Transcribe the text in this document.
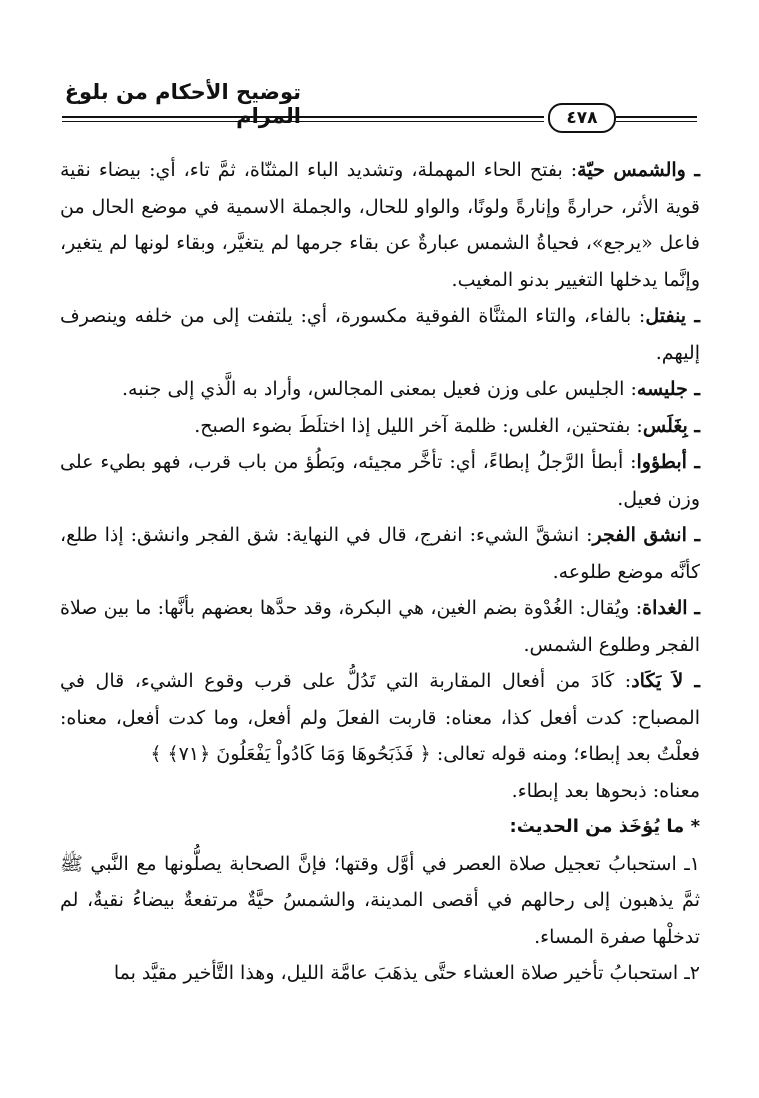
توضيح الأحكام من بلوغ المرام	٤٧٨

ـ والشمس حيّة: بفتح الحاء المهملة، وتشديد الباء المثنّاة، ثمَّ تاء، أي: بيضاء نقية قوية الأثر، حرارةً وإنارةً ولونًا، والواو للحال، والجملة الاسمية في موضع الحال من فاعل «يرجع»، فحياةُ الشمس عبارةٌ عن بقاء جرمها لم يتغيَّر، وبقاء لونها لم يتغير، وإنَّما يدخلها التغيير بدنو المغيب.

ـ ينفتل: بالفاء، والتاء المثنَّاة الفوقية مكسورة، أي: يلتفت إلى من خلفه وينصرف إليهم.

ـ جليسه: الجليس على وزن فعيل بمعنى المجالس، وأراد به الَّذي إلى جنبه.

ـ بِغَلَس: بفتحتين، الغلس: ظلمة آخر الليل إذا اختلَطَ بضوء الصبح.

ـ أبطؤوا: أبطأ الرَّجلُ إبطاءً، أي: تأخَّر مجيئه، وبَطُؤ من باب قرب، فهو بطيء على وزن فعيل.

ـ انشق الفجر: انشقَّ الشيء: انفرج، قال في النهاية: شق الفجر وانشق: إذا طلع، كأنَّه موضع طلوعه.

ـ الغداة: ويُقال: الغُدْوة بضم الغين، هي البكرة، وقد حدَّها بعضهم بأنَّها: ما بين صلاة الفجر وطلوع الشمس.

ـ لاَ يَكَاد: كَادَ من أفعال المقاربة التي تَدُلُّ على قرب وقوع الشيء، قال في المصباح: كدت أفعل كذا، معناه: قاربت الفعلَ ولم أفعل، وما كدت أفعل، معناه: فعلْتُ بعد إبطاء؛ ومنه قوله تعالى: ﴿ فَذَبَحُوهَا وَمَا كَادُواْ يَفْعَلُونَ ﴿٧١﴾ ﴾
معناه: ذبحوها بعد إبطاء.

* ما يُؤخَذ من الحديث:

١ـ استحبابُ تعجيل صلاة العصر في أوَّل وقتها؛ فإنَّ الصحابة يصلُّونها مع النَّبي ﷺ ثمَّ يذهبون إلى رحالهم في أقصى المدينة، والشمسُ حيَّةٌ مرتفعةٌ بيضاءُ نقيةٌ، لم تدخلْها صفرة المساء.

٢ـ استحبابُ تأخير صلاة العشاء حتَّى يذهَبَ عامَّة الليل، وهذا التَّأخير مقيَّد بما
